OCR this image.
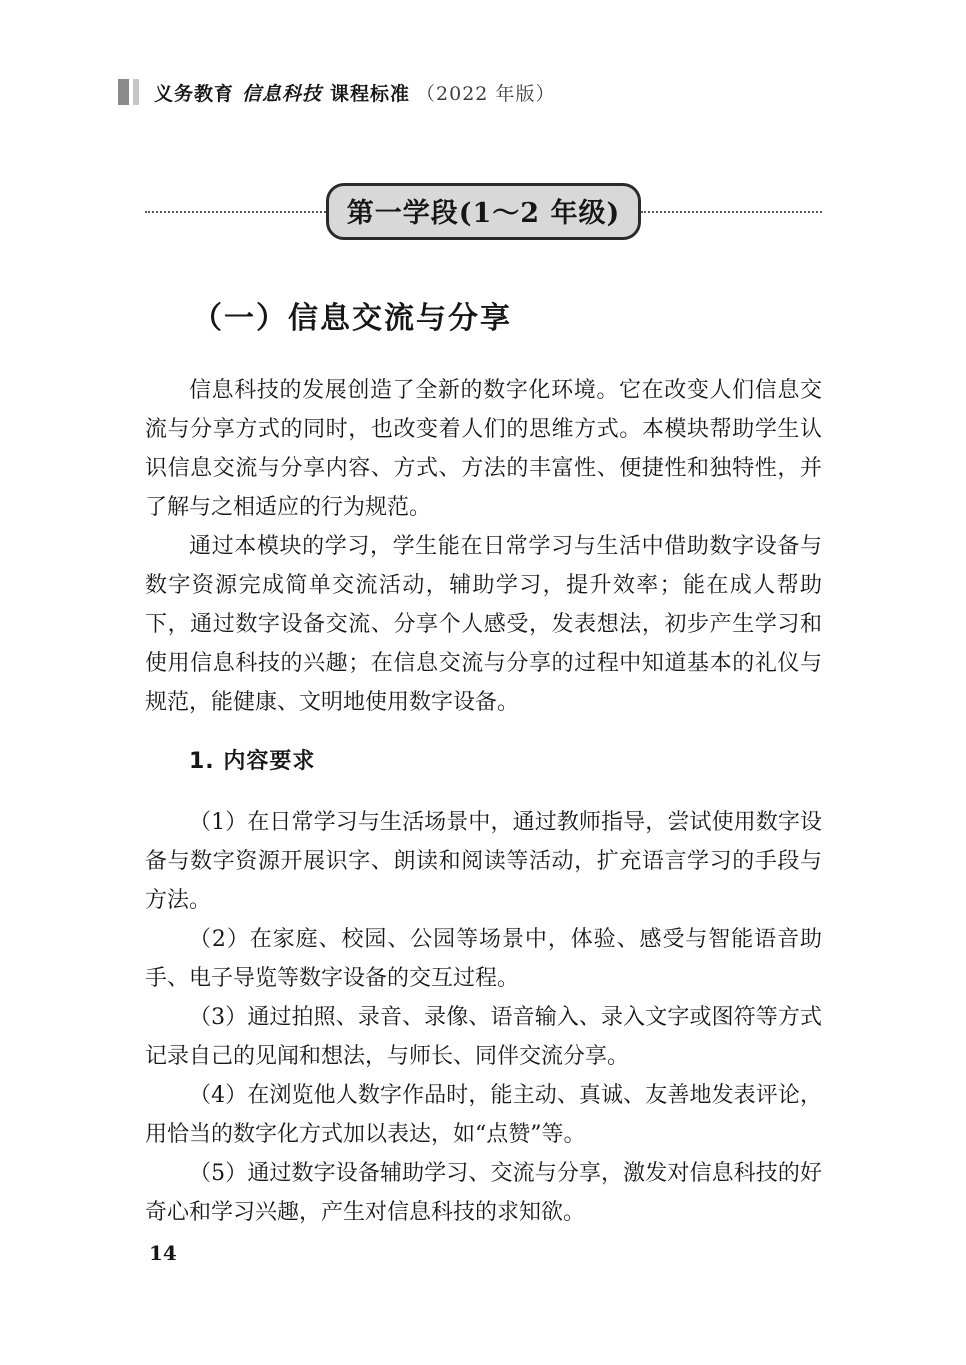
义务教育 信息科技 课程标准 （2022 年版）
第一学段(1～2 年级)
（一）信息交流与分享

信息科技的发展创造了全新的数字化环境。它在改变人们信息交流与分享方式的同时，也改变着人们的思维方式。本模块帮助学生认识信息交流与分享内容、方式、方法的丰富性、便捷性和独特性，并了解与之相适应的行为规范。

通过本模块的学习，学生能在日常学习与生活中借助数字设备与数字资源完成简单交流活动，辅助学习，提升效率；能在成人帮助下，通过数字设备交流、分享个人感受，发表想法，初步产生学习和使用信息科技的兴趣；在信息交流与分享的过程中知道基本的礼仪与规范，能健康、文明地使用数字设备。

1. 内容要求

（1）在日常学习与生活场景中，通过教师指导，尝试使用数字设备与数字资源开展识字、朗读和阅读等活动，扩充语言学习的手段与方法。

（2）在家庭、校园、公园等场景中，体验、感受与智能语音助手、电子导览等数字设备的交互过程。

（3）通过拍照、录音、录像、语音输入、录入文字或图符等方式记录自己的见闻和想法，与师长、同伴交流分享。

（4）在浏览他人数字作品时，能主动、真诚、友善地发表评论，用恰当的数字化方式加以表达，如“点赞”等。

（5）通过数字设备辅助学习、交流与分享，激发对信息科技的好奇心和学习兴趣，产生对信息科技的求知欲。

14
